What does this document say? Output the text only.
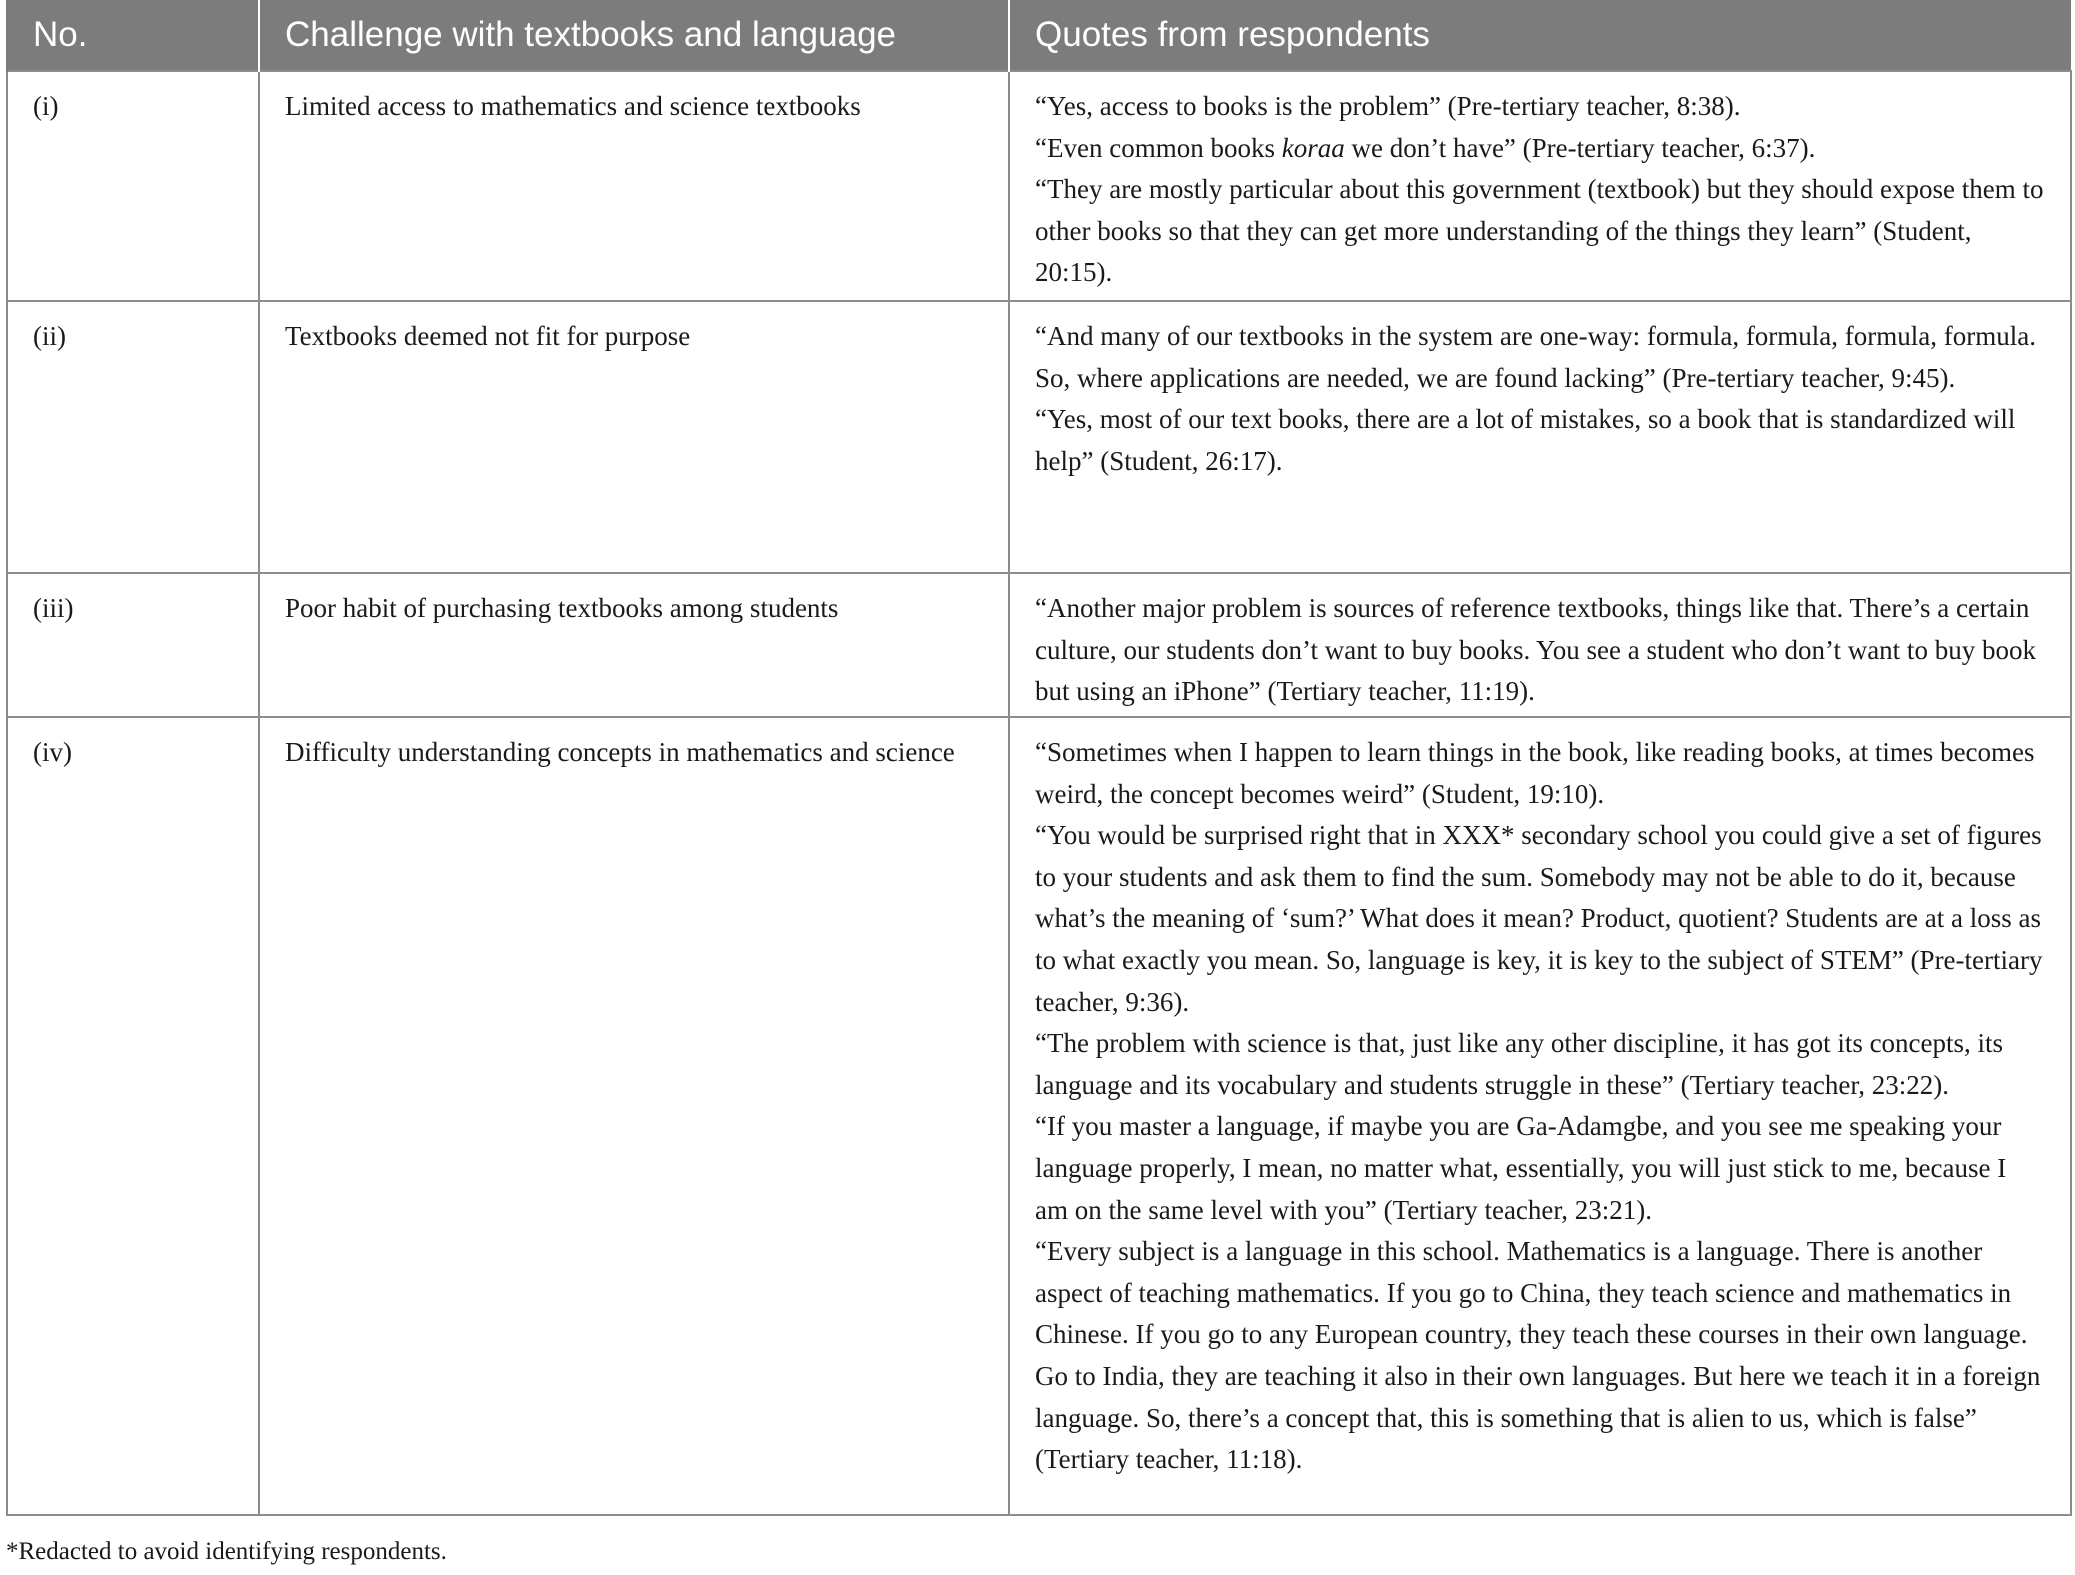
No.	Challenge with textbooks and language	Quotes from respondents
(i)	Limited access to mathematics and science textbooks	“Yes, access to books is the problem” (Pre-tertiary teacher, 8:38).
“Even common books koraa we don’t have” (Pre-tertiary teacher, 6:37).
“They are mostly particular about this government (textbook) but they should expose them to other books so that they can get more understanding of the things they learn” (Student, 20:15).

(ii)	Textbooks deemed not fit for purpose	“And many of our textbooks in the system are one-way: formula, formula, formula, formula. So, where applications are needed, we are found lacking” (Pre-tertiary teacher, 9:45).
“Yes, most of our text books, there are a lot of mistakes, so a book that is standardized will help” (Student, 26:17).

(iii)	Poor habit of purchasing textbooks among students	“Another major problem is sources of reference textbooks, things like that. There’s a certain culture, our students don’t want to buy books. You see a student who don’t want to buy book but using an iPhone” (Tertiary teacher, 11:19).

(iv)	Difficulty understanding concepts in mathematics and science	“Sometimes when I happen to learn things in the book, like reading books, at times becomes weird, the concept becomes weird” (Student, 19:10).
“You would be surprised right that in XXX* secondary school you could give a set of figures to your students and ask them to find the sum. Somebody may not be able to do it, because what’s the meaning of ‘sum?’ What does it mean? Product, quotient? Students are at a loss as to what exactly you mean. So, language is key, it is key to the subject of STEM” (Pre-tertiary teacher, 9:36).
“The problem with science is that, just like any other discipline, it has got its concepts, its language and its vocabulary and students struggle in these” (Tertiary teacher, 23:22).
“If you master a language, if maybe you are Ga-Adamgbe, and you see me speaking your language properly, I mean, no matter what, essentially, you will just stick to me, because I am on the same level with you” (Tertiary teacher, 23:21).
“Every subject is a language in this school. Mathematics is a language. There is another aspect of teaching mathematics. If you go to China, they teach science and mathematics in Chinese. If you go to any European country, they teach these courses in their own language. Go to India, they are teaching it also in their own languages. But here we teach it in a foreign language. So, there’s a concept that, this is something that is alien to us, which is false” (Tertiary teacher, 11:18).

*Redacted to avoid identifying respondents.
